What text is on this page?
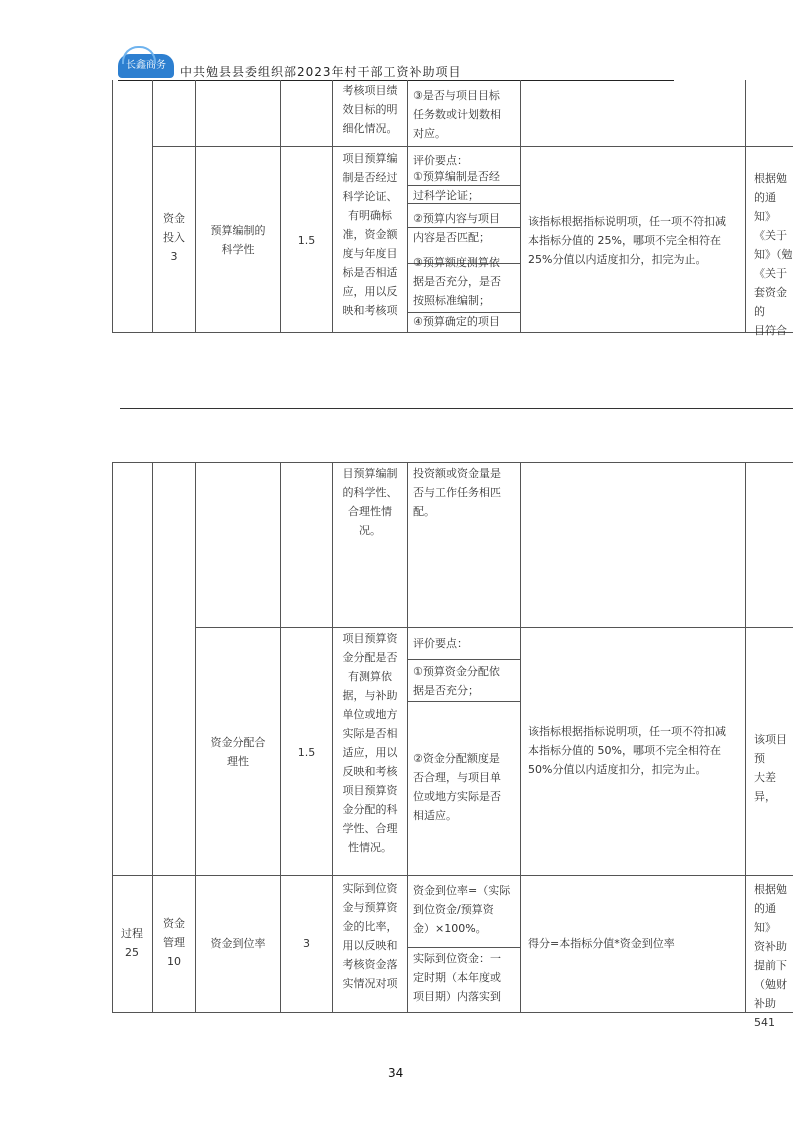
长鑫商务	中共勉县县委组织部2023年村干部工资补助项目
考核项目绩
效目标的明
细化情况。
③是否与项目目标
任务数或计划数相
对应。
资金
投入
3
预算编制的
科学性
1.5
项目预算编
制是否经过
科学论证、
有明确标
准，资金额
度与年度目
标是否相适
应，用以反
映和考核项
评价要点：
①预算编制是否经
过科学论证；
②预算内容与项目
内容是否匹配；
③预算额度测算依
据是否充分，是否
按照标准编制；
④预算确定的项目
该指标根据指标说明项，任一项不符扣减
本指标分值的 25%，哪项不完全相符在
25%分值以内适度扣分，扣完为止。
根据勉
的通知》
《关于
知》（勉
《关于
套资金的
目符合
目预算编制
的科学性、
合理性情
况。
投资额或资金量是
否与工作任务相匹
配。
资金分配合
理性
1.5
项目预算资
金分配是否
有测算依
据，与补助
单位或地方
实际是否相
适应，用以
反映和考核
项目预算资
金分配的科
学性、合理
性情况。
评价要点：
①预算资金分配依
据是否充分；
②资金分配额度是
否合理，与项目单
位或地方实际是否
相适应。
该指标根据指标说明项，任一项不符扣减
本指标分值的 50%，哪项不完全相符在
50%分值以内适度扣分，扣完为止。
该项目预
大差异，
过程
25
资金
管理
10
资金到位率	3
实际到位资
金与预算资
金的比率，
用以反映和
考核资金落
实情况对项
资金到位率=（实际
到位资金/预算资
金）×100%。
实际到位资金：一
定时期（本年度或
项目期）内落实到
得分=本指标分值*资金到位率
根据勉
的通知》
资补助
提前下
（勉财
补助541
34
